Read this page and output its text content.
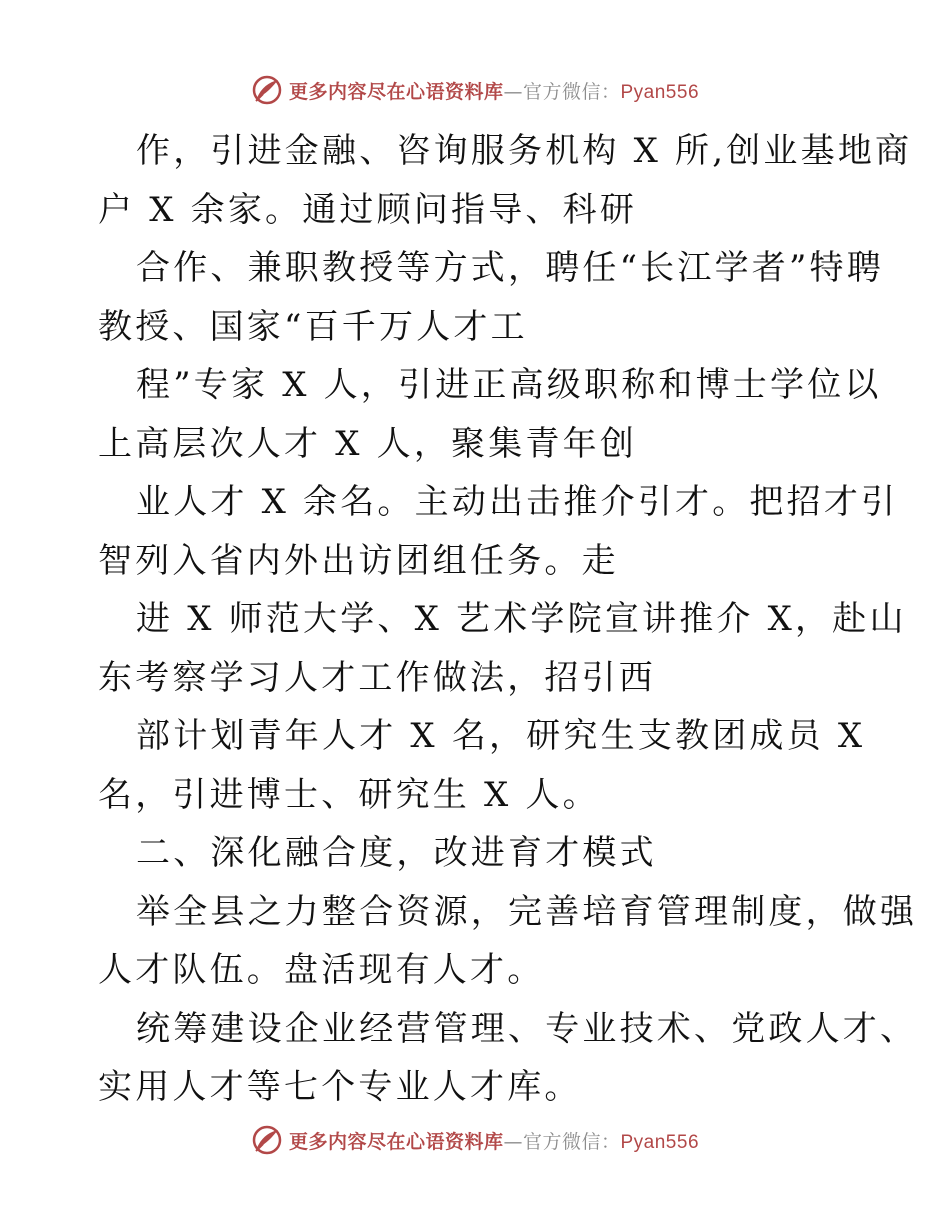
更多内容尽在心语资料库—官方微信：Pyan556
作，引进金融、咨询服务机构 X 所,创业基地商
户 X 余家。通过顾问指导、科研
合作、兼职教授等方式，聘任“长江学者”特聘
教授、国家“百千万人才工
程”专家 X 人，引进正高级职称和博士学位以
上高层次人才 X 人，聚集青年创
业人才 X 余名。主动出击推介引才。把招才引
智列入省内外出访团组任务。走
进 X 师范大学、X 艺术学院宣讲推介 X，赴山
东考察学习人才工作做法，招引西
部计划青年人才 X 名，研究生支教团成员 X
名，引进博士、研究生 X 人。
二、深化融合度，改进育才模式
举全县之力整合资源，完善培育管理制度，做强
人才队伍。盘活现有人才。
统筹建设企业经营管理、专业技术、党政人才、
实用人才等七个专业人才库。
更多内容尽在心语资料库—官方微信：Pyan556
